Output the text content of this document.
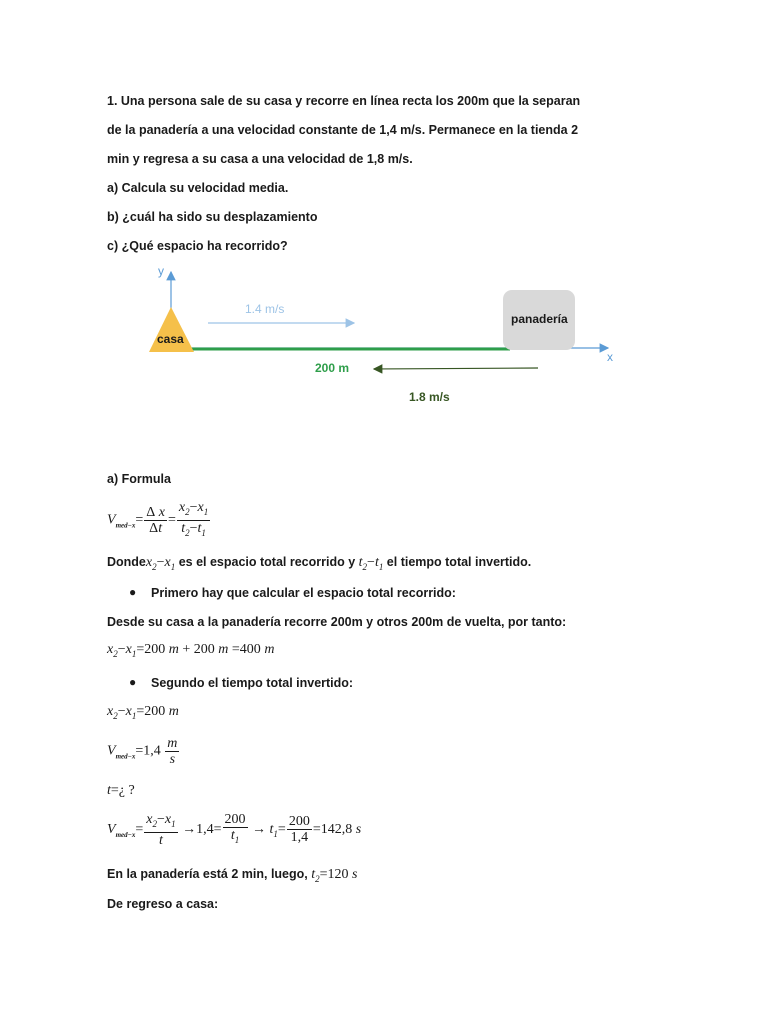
1. Una persona sale de su casa y recorre en línea recta los 200m que la separan
de la panadería a una velocidad constante de 1,4 m/s. Permanece en la tienda 2
min y regresa a su casa a una velocidad de 1,8 m/s.
a) Calcula su velocidad media.
b) ¿cuál ha sido su desplazamiento
c) ¿Qué espacio ha recorrido?
y
x
casa
panadería
1.4 m/s
200 m
1.8 m/s
a) Formula
$V_{med-x}= \frac{\text{Δ x}}{\Delta t} = \frac{x_2-x_1}{t_2-t_1}$
$Dondex_2-x_1$ es el espacio total recorrido y $t_2-t_1$ el tiempo total invertido.
● Primero hay que calcular el espacio total recorrido:
Desde su casa a la panadería recorre 200m y otros 200m de vuelta, por tanto:
$x_2-x_1=200$ m + 200 m =400 m
● Segundo el tiempo total invertido:
$x_2-x_1=200$ m
$V_{med-x}=1,4 \frac{m}{s}$
t=¿ ?
$V_{med-x}= \frac{x_2-x_1}{t} \to 1,4= \frac{200}{t_1} \to t_1= \frac{200}{1,4} =142,8$ s
En la panadería está 2 min, luego, $t_2=120$ s
De regreso a casa:
